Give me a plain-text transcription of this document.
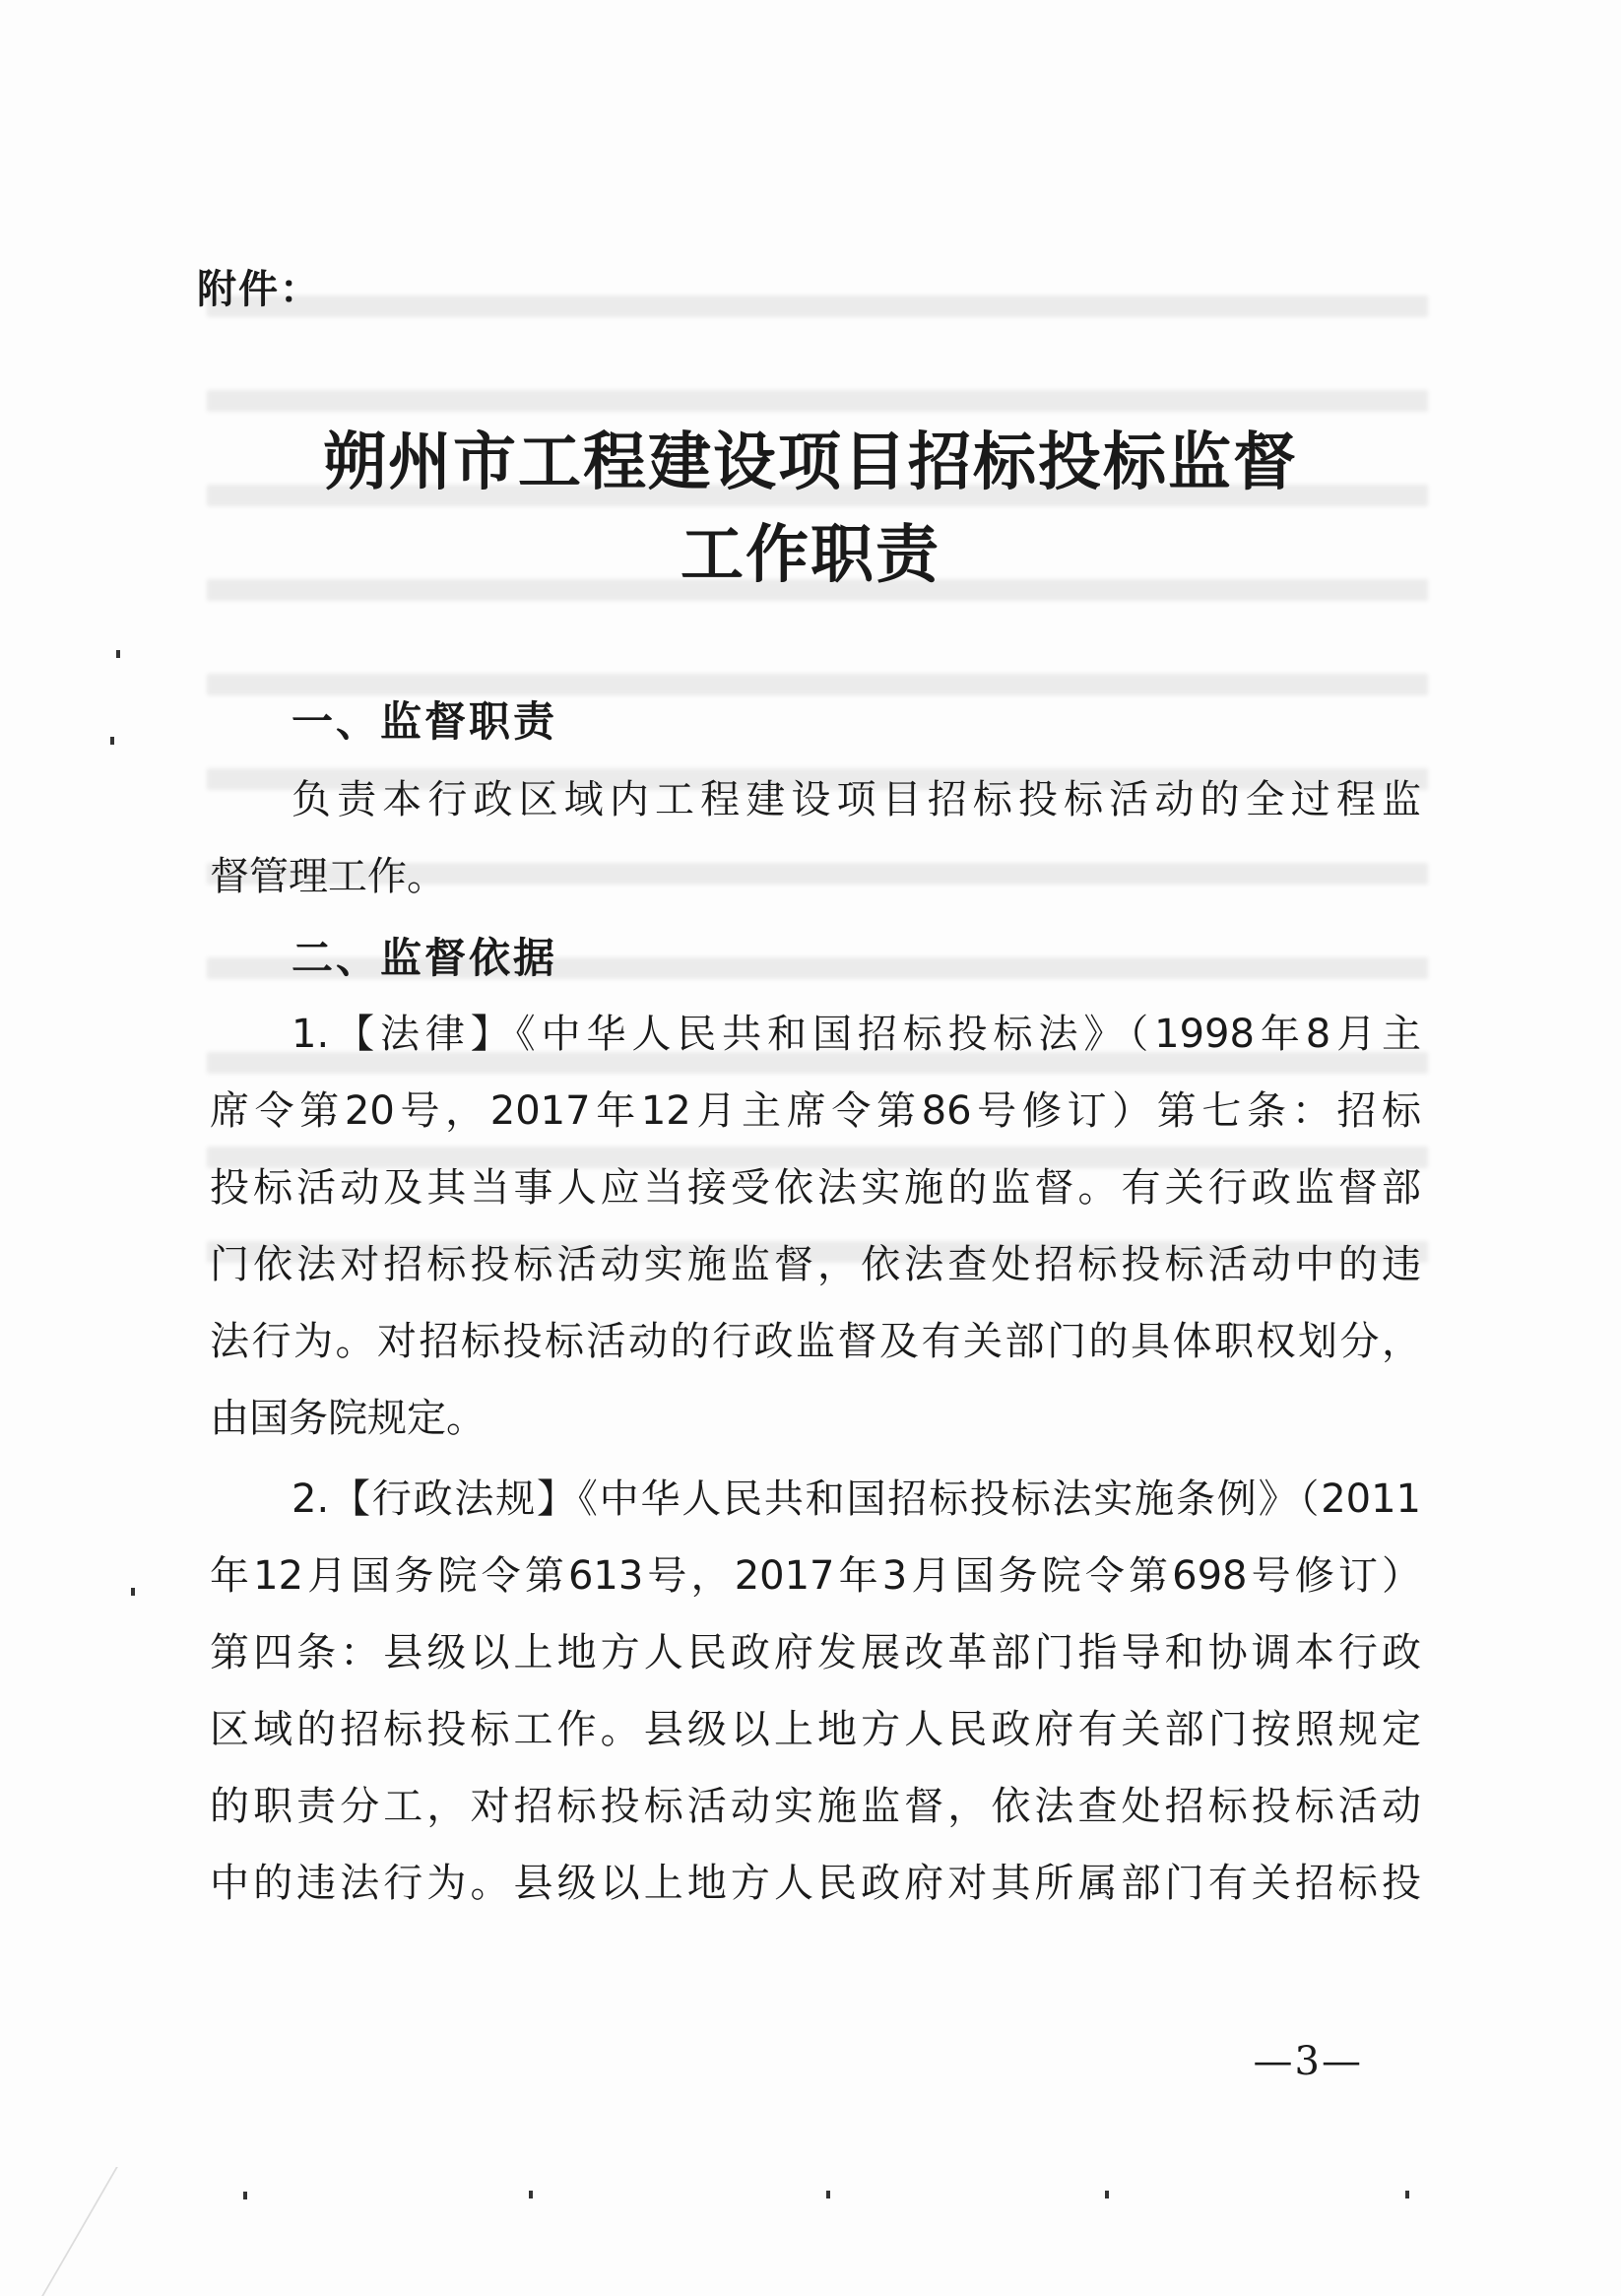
附件：
朔州市工程建设项目招标投标监督
工作职责
一、监督职责
负责本行政区域内工程建设项目招标投标活动的全过程监
督管理工作。
二、监督依据
1.【法律】《中华人民共和国招标投标法》（1998年8月主
席令第20号，2017年12月主席令第86号修订）第七条：招标
投标活动及其当事人应当接受依法实施的监督。有关行政监督部
门依法对招标投标活动实施监督，依法查处招标投标活动中的违
法行为。对招标投标活动的行政监督及有关部门的具体职权划分，
由国务院规定。
2.【行政法规】《中华人民共和国招标投标法实施条例》（2011
年12月国务院令第613号，2017年3月国务院令第698号修订）
第四条：县级以上地方人民政府发展改革部门指导和协调本行政
区域的招标投标工作。县级以上地方人民政府有关部门按照规定
的职责分工，对招标投标活动实施监督，依法查处招标投标活动
中的违法行为。县级以上地方人民政府对其所属部门有关招标投
—3—
